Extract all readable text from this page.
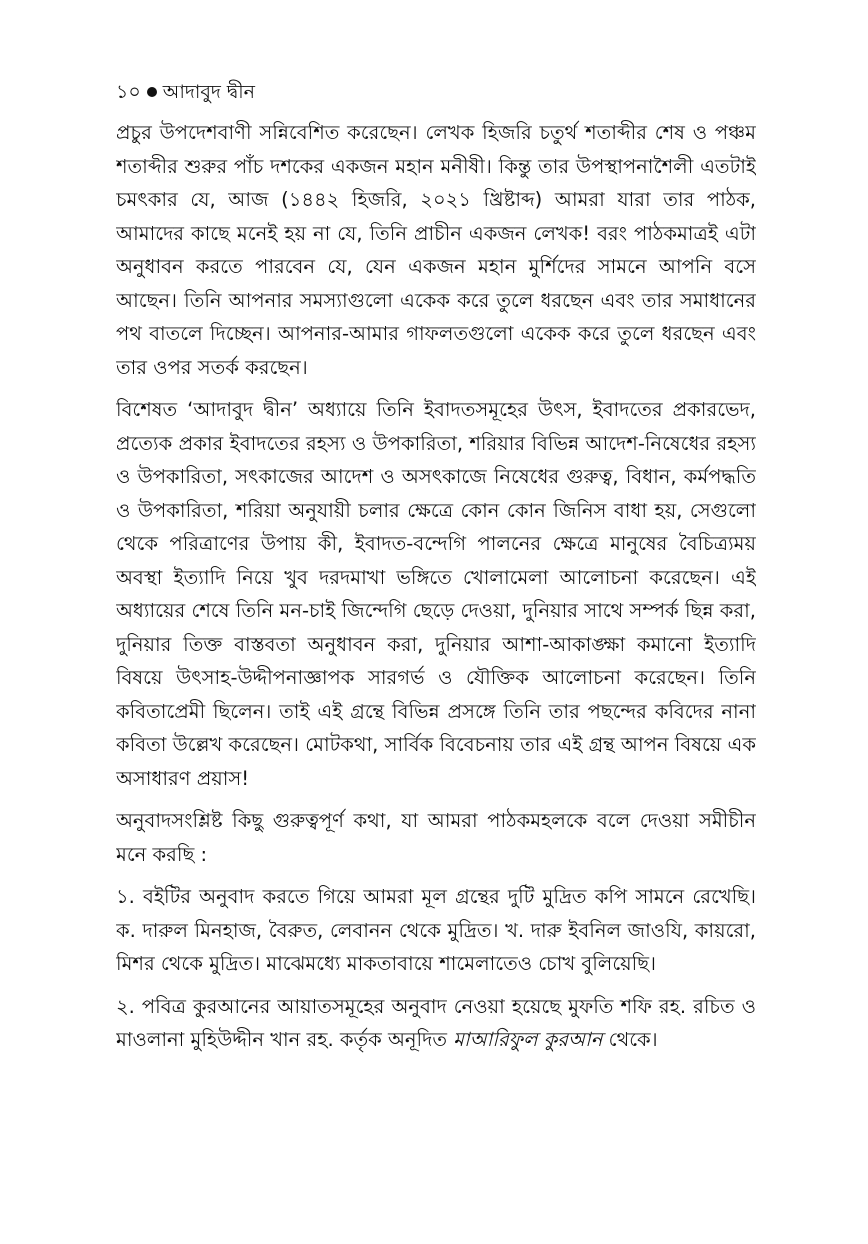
১০ আদাবুদ দ্বীন

প্রচুর উপদেশবাণী সন্নিবেশিত করেছেন। লেখক হিজরি চতুর্থ শতাব্দীর শেষ ও পঞ্চম শতাব্দীর শুরুর পাঁচ দশকের একজন মহান মনীষী। কিন্তু তার উপস্থাপনাশৈলী এতটাই চমৎকার যে, আজ (১৪৪২ হিজরি, ২০২১ খ্রিষ্টাব্দ) আমরা যারা তার পাঠক, আমাদের কাছে মনেই হয় না যে, তিনি প্রাচীন একজন লেখক! বরং পাঠকমাত্রই এটা অনুধাবন করতে পারবেন যে, যেন একজন মহান মুর্শিদের সামনে আপনি বসে আছেন। তিনি আপনার সমস্যাগুলো একেক করে তুলে ধরছেন এবং তার সমাধানের পথ বাতলে দিচ্ছেন। আপনার-আমার গাফলতগুলো একেক করে তুলে ধরছেন এবং তার ওপর সতর্ক করছেন।

বিশেষত ‘আদাবুদ দ্বীন’ অধ্যায়ে তিনি ইবাদতসমূহের উৎস, ইবাদতের প্রকারভেদ, প্রত্যেক প্রকার ইবাদতের রহস্য ও উপকারিতা, শরিয়ার বিভিন্ন আদেশ-নিষেধের রহস্য ও উপকারিতা, সৎকাজের আদেশ ও অসৎকাজে নিষেধের গুরুত্ব, বিধান, কর্মপদ্ধতি ও উপকারিতা, শরিয়া অনুযায়ী চলার ক্ষেত্রে কোন কোন জিনিস বাধা হয়, সেগুলো থেকে পরিত্রাণের উপায় কী, ইবাদত-বন্দেগি পালনের ক্ষেত্রে মানুষের বৈচিত্র্যময় অবস্থা ইত্যাদি নিয়ে খুব দরদমাখা ভঙ্গিতে খোলামেলা আলোচনা করেছেন। এই অধ্যায়ের শেষে তিনি মন-চাই জিন্দেগি ছেড়ে দেওয়া, দুনিয়ার সাথে সম্পর্ক ছিন্ন করা, দুনিয়ার তিক্ত বাস্তবতা অনুধাবন করা, দুনিয়ার আশা-আকাঙ্ক্ষা কমানো ইত্যাদি বিষয়ে উৎসাহ-উদ্দীপনাজ্ঞাপক সারগর্ভ ও যৌক্তিক আলোচনা করেছেন। তিনি কবিতাপ্রেমী ছিলেন। তাই এই গ্রন্থে বিভিন্ন প্রসঙ্গে তিনি তার পছন্দের কবিদের নানা কবিতা উল্লেখ করেছেন। মোটকথা, সার্বিক বিবেচনায় তার এই গ্রন্থ আপন বিষয়ে এক অসাধারণ প্রয়াস!

অনুবাদসংশ্লিষ্ট কিছু গুরুত্বপূর্ণ কথা, যা আমরা পাঠকমহলকে বলে দেওয়া সমীচীন মনে করছি :

১. বইটির অনুবাদ করতে গিয়ে আমরা মূল গ্রন্থের দুটি মুদ্রিত কপি সামনে রেখেছি। ক. দারুল মিনহাজ, বৈরুত, লেবানন থেকে মুদ্রিত। খ. দারু ইবনিল জাওযি, কায়রো, মিশর থেকে মুদ্রিত। মাঝেমধ্যে মাকতাবায়ে শামেলাতেও চোখ বুলিয়েছি।

২. পবিত্র কুরআনের আয়াতসমূহের অনুবাদ নেওয়া হয়েছে মুফতি শফি রহ. রচিত ও মাওলানা মুহিউদ্দীন খান রহ. কর্তৃক অনূদিত মাআরিফুল কুরআন থেকে।
